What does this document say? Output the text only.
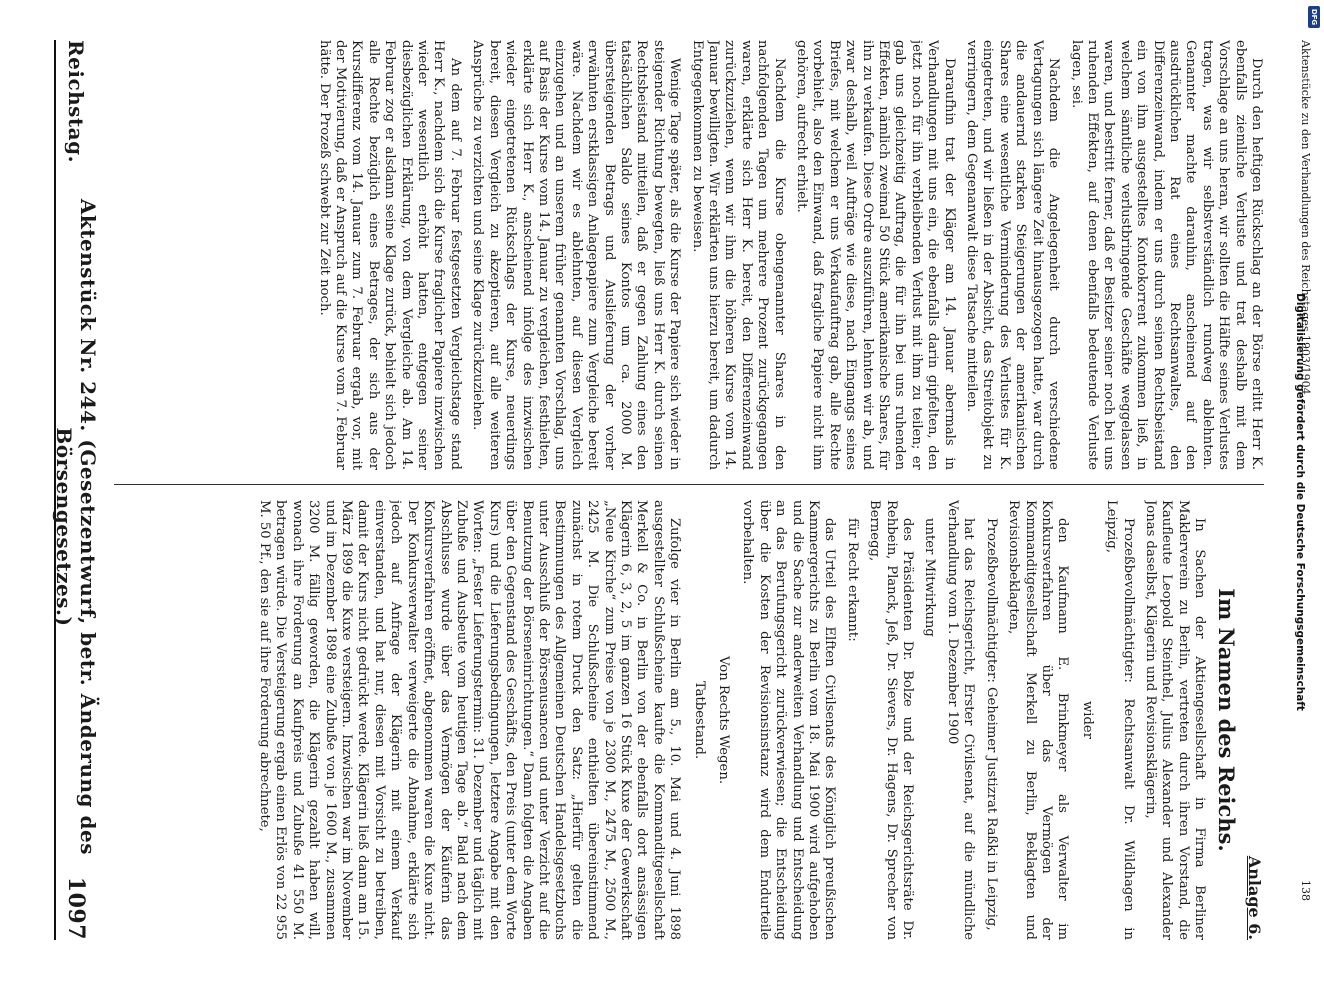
Reichstag.
Aktenstück Nr. 244. (Gesetzentwurf, betr. Änderung des Börsengesetzes.)
1097

Durch den heftigen Rückschlag an der Börse erlitt Herr K. ebenfalls ziemliche Verluste und trat deshalb mit dem Vorschlage an uns heran, wir sollten die Hälfte seines Verlustes tragen, was wir selbstverständlich rundweg ablehnten. Genannter machte darauhin, anscheinend auf den ausdrücklichen Rat eines Rechtsanwaltes, den Differenzeinwand, indem er uns durch seinen Rechtsbeistand ein von ihm ausgestelltes Kontokorrent zukommen ließ, in welchem sämtliche verlustbringende Geschäfte weggelassen waren, und bestritt ferner, daß er Besitzer seiner noch bei uns ruhenden Effekten, auf denen ebenfalls bedeutende Verluste lagen, sei.

Nachdem die Angelegenheit durch verschiedene Vertagungen sich längere Zeit hinausgezogen hatte, war durch die andauernd starken Steigerungen der amerikanischen Shares eine wesentliche Verminderung des Verlustes für K. eingetreten, und wir ließen in der Absicht, das Streitobjekt zu verringern, dem Gegenanwalt diese Tatsache mitteilen.

Daraufhin trat der Kläger am 14. Januar abermals in Verhandlungen mit uns ein, die ebenfalls darin gipfelten, den jetzt noch für ihn verbleibenden Verlust mit ihm zu teilen; er gab uns gleichzeitig Auftrag, die für ihn bei uns ruhenden Effekten, nämlich zweimal 50 Stück amerikanische Shares, für ihn zu verkaufen. Diese Ordre auszuführen, lehnten wir ab, und zwar deshalb, weil Aufträge wie diese, nach Eingangs seines Briefes, mit welchem er uns Verkaufauftrag gab, alle Rechte vorbehielt, also den Einwand, daß fragliche Papiere nicht ihm gehören, aufrecht erhielt.

Nachdem die Kurse obengenannter Shares in den nachfolgenden Tagen um mehrere Prozent zurückgegangen waren, erklärte sich Herr K. bereit, den Differenzeinwand zurückzuziehen, wenn wir ihm die höheren Kurse vom 14. Januar bewilligten. Wir erklärten uns hierzu bereit, um dadurch Entgegenkommen zu beweisen.

Wenige Tage später, als die Kurse der Papiere sich wieder in steigender Richtung bewegten, ließ uns Herr K. durch seinen Rechtsbeistand mitteilen, daß er gegen Zahlung eines den tatsächlichen Saldo seines Kontos um ca. 2000 M. übersteigenden Betrags und Auslieferung der vorher erwähnten erstklassigen Anlagepapiere zum Vergleiche bereit wäre. Nachdem wir es ablehnten, auf diesen Vergleich einzugehen und an unserem früher genannten Vorschlag, uns auf Basis der Kurse vom 14. Januar zu vergleichen, festhielten, erklärte sich Herr K., anscheinend infolge des inzwischen wieder eingetretenen Rückschlags der Kurse, neuerdings bereit, diesen Vergleich zu akzeptieren, auf alle weiteren Ansprüche zu verzichten und seine Klage zurückzuziehen.

An dem auf 7. Februar festgesetzten Vergleichstage stand Herr K., nachdem sich die Kurse fraglicher Papiere inzwischen wieder wesentlich erhöht hatten, entgegen seiner diesbezüglichen Erklärung, von dem Vergleiche ab. Am 14. Februar zog er alsdann seine Klage zurück, behielt sich jedoch alle Rechte bezüglich eines Betrages, der sich aus der Kursdifferenz vom 14. Januar zum 7. Februar ergab, vor, mit der Motivierung, daß er Anspruch auf die Kurse vom 7. Februar hätte. Der Prozeß schwebt zur Zeit noch.

Anlage 6.
Im Namen des Reichs.

In Sachen der Aktiengesellschaft in Firma Berliner Maklerverein zu Berlin, vertreten durch ihren Vorstand, die Kaufleute Leopold Steinthel, Julius Alexander und Alexander Jonas daselbst, Klägerin und Revisionsklägerin,

Prozeßbevollmächtigter: Rechtsanwalt Dr. Wildhagen in Leipzig,

wider

den Kaufmann E. Brinkmeyer als Verwalter im Konkursverfahren über das Vermögen der Kommanditgesellschaft Merkell zu Berlin, Beklagten und Revisionsbeklagten,

Prozeßbevollmächtigter: Geheimer Justizrat Raßki in Leipzig,

hat das Reichsgericht, Erster Civilsenat, auf die mündliche Verhandlung vom 1. Dezember 1900

unter Mitwirkung

des Präsidenten Dr. Bolze und der Reichsgerichtsräte Dr. Rehbein, Planck, Jeß, Dr. Sievers, Dr. Hagens, Dr. Sprecher von Bernegg,

für Recht erkannt:

das Urteil des Elften Civilsenats des Königlich preußischen Kammergerichts zu Berlin vom 18. Mai 1900 wird aufgehoben und die Sache zur anderweiten Verhandlung und Entscheidung an das Berufungsgericht zurückverwiesen; die Entscheidung über die Kosten der Revisionsinstanz wird dem Endurteile vorbehalten.

Von Rechts Wegen.
Tatbestand.

Zufolge vier in Berlin am 5., 10. Mai und 4. Juni 1898 ausgestellter Schlußscheine kaufte die Kommanditgesellschaft Merkell & Co. in Berlin von der ebenfalls dort ansässigen Klägerin 6, 3, 2, 5 im ganzen 16 Stück Kuxe der Gewerkschaft „Neue Kirche“ zum Preise von je 2300 M., 2475 M., 2500 M., 2425 M. Die Schlußscheine enthielten übereinstimmend zunächst in rotem Druck den Satz: „Hierfür gelten die Bestimmungen des Allgemeinen Deutschen Handelsgesetzbuchs unter Ausschluß der Börsenusancen und unter Verzicht auf die Benutzung der Börseneinrichtungen.“ Dann folgten die Angaben über den Gegenstand des Geschäfts, den Preis (unter dem Worte Kurs) und die Lieferungsbedingungen, letztere Angabe mit den Worten: „Fester Lieferungstermin: 31. Dezember und täglich mit Zubuße und Ausbeute vom heutigen Tage ab.“ Bald nach dem Abschlusse wurde über das Vermögen der Käuferin das Konkursverfahren eröffnet, abgenommen waren die Kuxe nicht. Der Konkursverwalter verweigerte die Abnahme, erklärte sich jedoch auf Anfrage der Klägerin mit einem Verkauf einverstanden, und hat nur, diesen mit Vorsicht zu betreiben, damit der Kurs nicht gedrückt werde. Klägerin ließ dann am 15. März 1899 die Kuxe versteigern. Inzwischen war im November und im Dezember 1898 eine Zubuße von je 1600 M., zusammen 3200 M. fällig geworden, die Klägerin gezahlt haben will, wonach ihre Forderung an Kaufpreis und Zubuße 41 550 M. betragen würde. Die Versteigerung ergab einen Erlös von 22 955 M. 50 Pf., den sie auf ihre Forderung abrechnete,

Aktenstücke zu den Verhandlungen des Reichstages 1903/1904.
138
Digitalisierung gefördert durch die Deutsche Forschungsgemeinschaft
DFG
